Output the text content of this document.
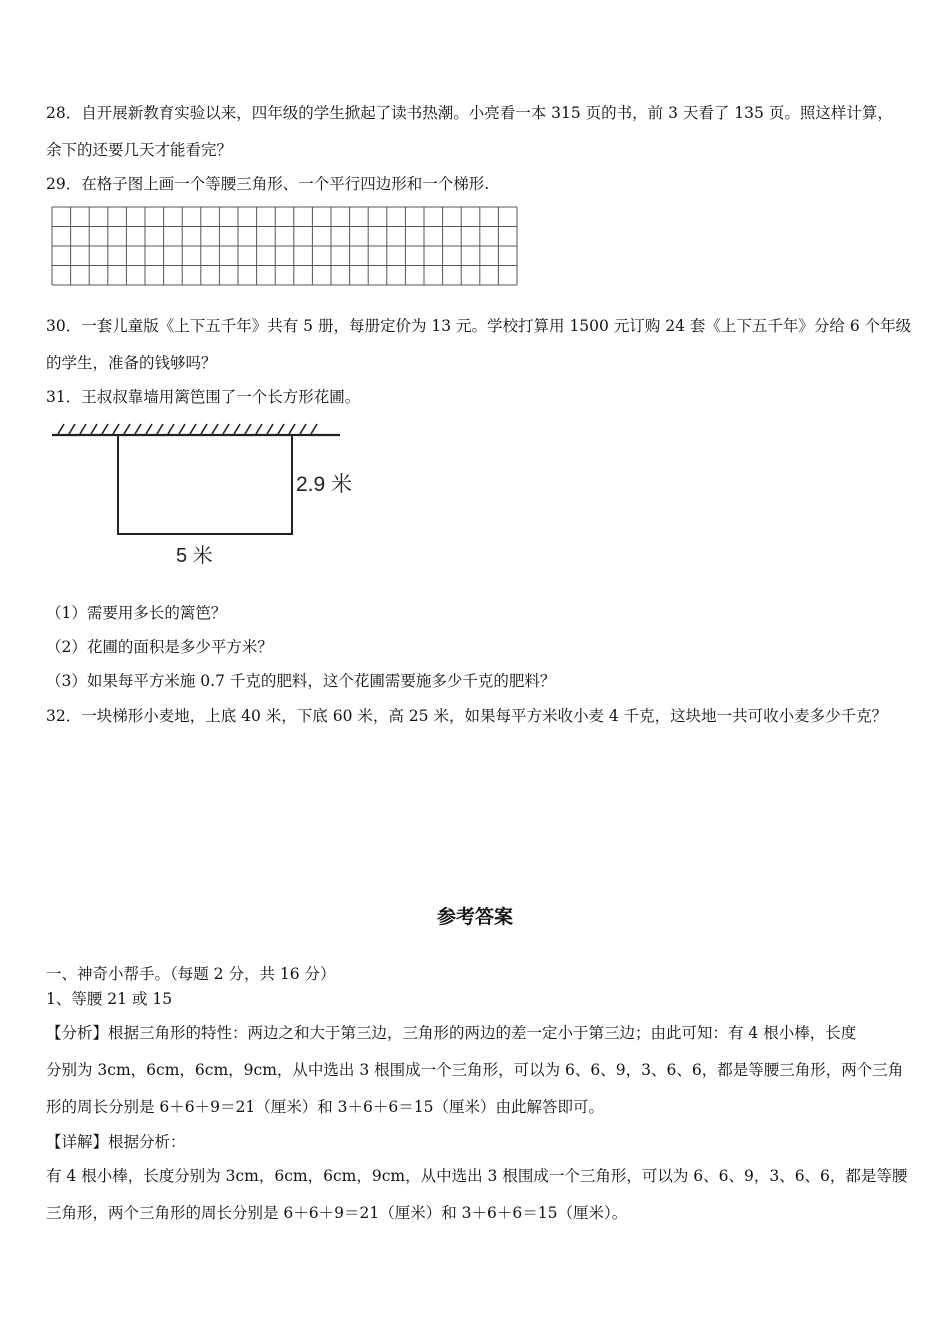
28．自开展新教育实验以来，四年级的学生掀起了读书热潮。小亮看一本 315 页的书，前 3 天看了 135 页。照这样计算，
余下的还要几天才能看完？
29．在格子图上画一个等腰三角形、一个平行四边形和一个梯形.
30．一套儿童版《上下五千年》共有 5 册，每册定价为 13 元。学校打算用 1500 元订购 24 套《上下五千年》分给 6 个年级
的学生，准备的钱够吗？
31．王叔叔靠墙用篱笆围了一个长方形花圃。
2.9 米
5 米
（1）需要用多长的篱笆？
（2）花圃的面积是多少平方米？
（3）如果每平方米施 0.7 千克的肥料，这个花圃需要施多少千克的肥料？
32．一块梯形小麦地，上底 40 米，下底 60 米，高 25 米，如果每平方米收小麦 4 千克，这块地一共可收小麦多少千克？
参考答案
一、神奇小帮手。（每题 2 分，共 16 分）
1、等腰 21 或 15
【分析】根据三角形的特性：两边之和大于第三边，三角形的两边的差一定小于第三边；由此可知：有 4 根小棒，长度
分别为 3cm，6cm，6cm，9cm，从中选出 3 根围成一个三角形，可以为 6、6、9，3、6、6，都是等腰三角形，两个三角
形的周长分别是 6＋6＋9＝21（厘米）和 3＋6＋6＝15（厘米）由此解答即可。
【详解】根据分析：
有 4 根小棒，长度分别为 3cm，6cm，6cm，9cm，从中选出 3 根围成一个三角形，可以为 6、6、9，3、6、6，都是等腰
三角形，两个三角形的周长分别是 6＋6＋9＝21（厘米）和 3＋6＋6＝15（厘米）。
